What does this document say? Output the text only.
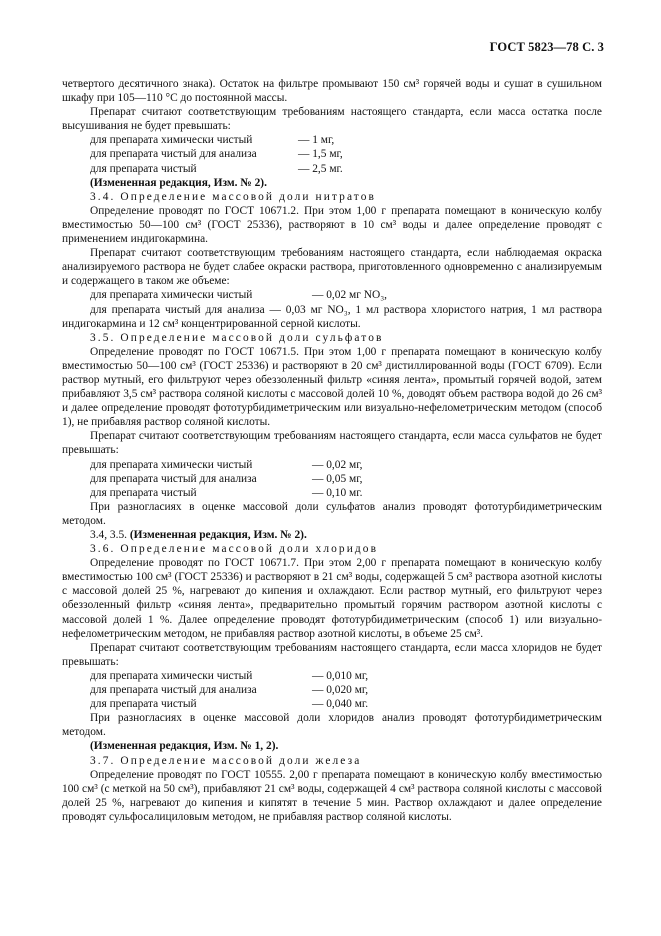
ГОСТ 5823—78 С. 3

четвертого десятичного знака). Остаток на фильтре промывают 150 см³ горячей воды и сушат в сушильном шкафу при 105—110 °С до постоянной массы.

Препарат считают соответствующим требованиям настоящего стандарта, если масса остатка после высушивания не будет превышать:

для препарата химически чистый	— 1 мг,
для препарата чистый для анализа	— 1,5 мг,
для препарата чистый	— 2,5 мг.

(Измененная редакция, Изм. № 2).

3.4. Определение массовой доли нитратов

Определение проводят по ГОСТ 10671.2. При этом 1,00 г препарата помещают в коническую колбу вместимостью 50—100 см³ (ГОСТ 25336), растворяют в 10 см³ воды и далее определение проводят с применением индигокармина.

Препарат считают соответствующим требованиям настоящего стандарта, если наблюдаемая окраска анализируемого раствора не будет слабее окраски раствора, приготовленного одновременно с анализируемым и содержащего в таком же объеме:

для препарата химически чистый	— 0,02 мг NO₃,

для препарата чистый для анализа — 0,03 мг NO₃, 1 мл раствора хлористого натрия, 1 мл раствора индигокармина и 12 см³ концентрированной серной кислоты.

3.5. Определение массовой доли сульфатов

Определение проводят по ГОСТ 10671.5. При этом 1,00 г препарата помещают в коническую колбу вместимостью 50—100 см³ (ГОСТ 25336) и растворяют в 20 см³ дистиллированной воды (ГОСТ 6709). Если раствор мутный, его фильтруют через обеззоленный фильтр «синяя лента», промытый горячей водой, затем прибавляют 3,5 см³ раствора соляной кислоты с массовой долей 10 %, доводят объем раствора водой до 26 см³ и далее определение проводят фототурбидиметрическим или визуально-нефелометрическим методом (способ 1), не прибавляя раствор соляной кислоты.

Препарат считают соответствующим требованиям настоящего стандарта, если масса сульфатов не будет превышать:

для препарата химически чистый	— 0,02 мг,
для препарата чистый для анализа	— 0,05 мг,
для препарата чистый	— 0,10 мг.

При разногласиях в оценке массовой доли сульфатов анализ проводят фототурбидиметрическим методом.

3.4, 3.5. (Измененная редакция, Изм. № 2).

3.6. Определение массовой доли хлоридов

Определение проводят по ГОСТ 10671.7. При этом 2,00 г препарата помещают в коническую колбу вместимостью 100 см³ (ГОСТ 25336) и растворяют в 21 см³ воды, содержащей 5 см³ раствора азотной кислоты с массовой долей 25 %, нагревают до кипения и охлаждают. Если раствор мутный, его фильтруют через обеззоленный фильтр «синяя лента», предварительно промытый горячим раствором азотной кислоты с массовой долей 1 %. Далее определение проводят фототурбидиметрическим (способ 1) или визуально-нефелометрическим методом, не прибавляя раствор азотной кислоты, в объеме 25 см³.

Препарат считают соответствующим требованиям настоящего стандарта, если масса хлоридов не будет превышать:

для препарата химически чистый	— 0,010 мг,
для препарата чистый для анализа	— 0,020 мг,
для препарата чистый	— 0,040 мг.

При разногласиях в оценке массовой доли хлоридов анализ проводят фототурбидиметрическим методом.

(Измененная редакция, Изм. № 1, 2).

3.7. Определение массовой доли железа

Определение проводят по ГОСТ 10555. 2,00 г препарата помещают в коническую колбу вместимостью 100 см³ (с меткой на 50 см³), прибавляют 21 см³ воды, содержащей 4 см³ раствора соляной кислоты с массовой долей 25 %, нагревают до кипения и кипятят в течение 5 мин. Раствор охлаждают и далее определение проводят сульфосалициловым методом, не прибавляя раствор соляной кислоты.
